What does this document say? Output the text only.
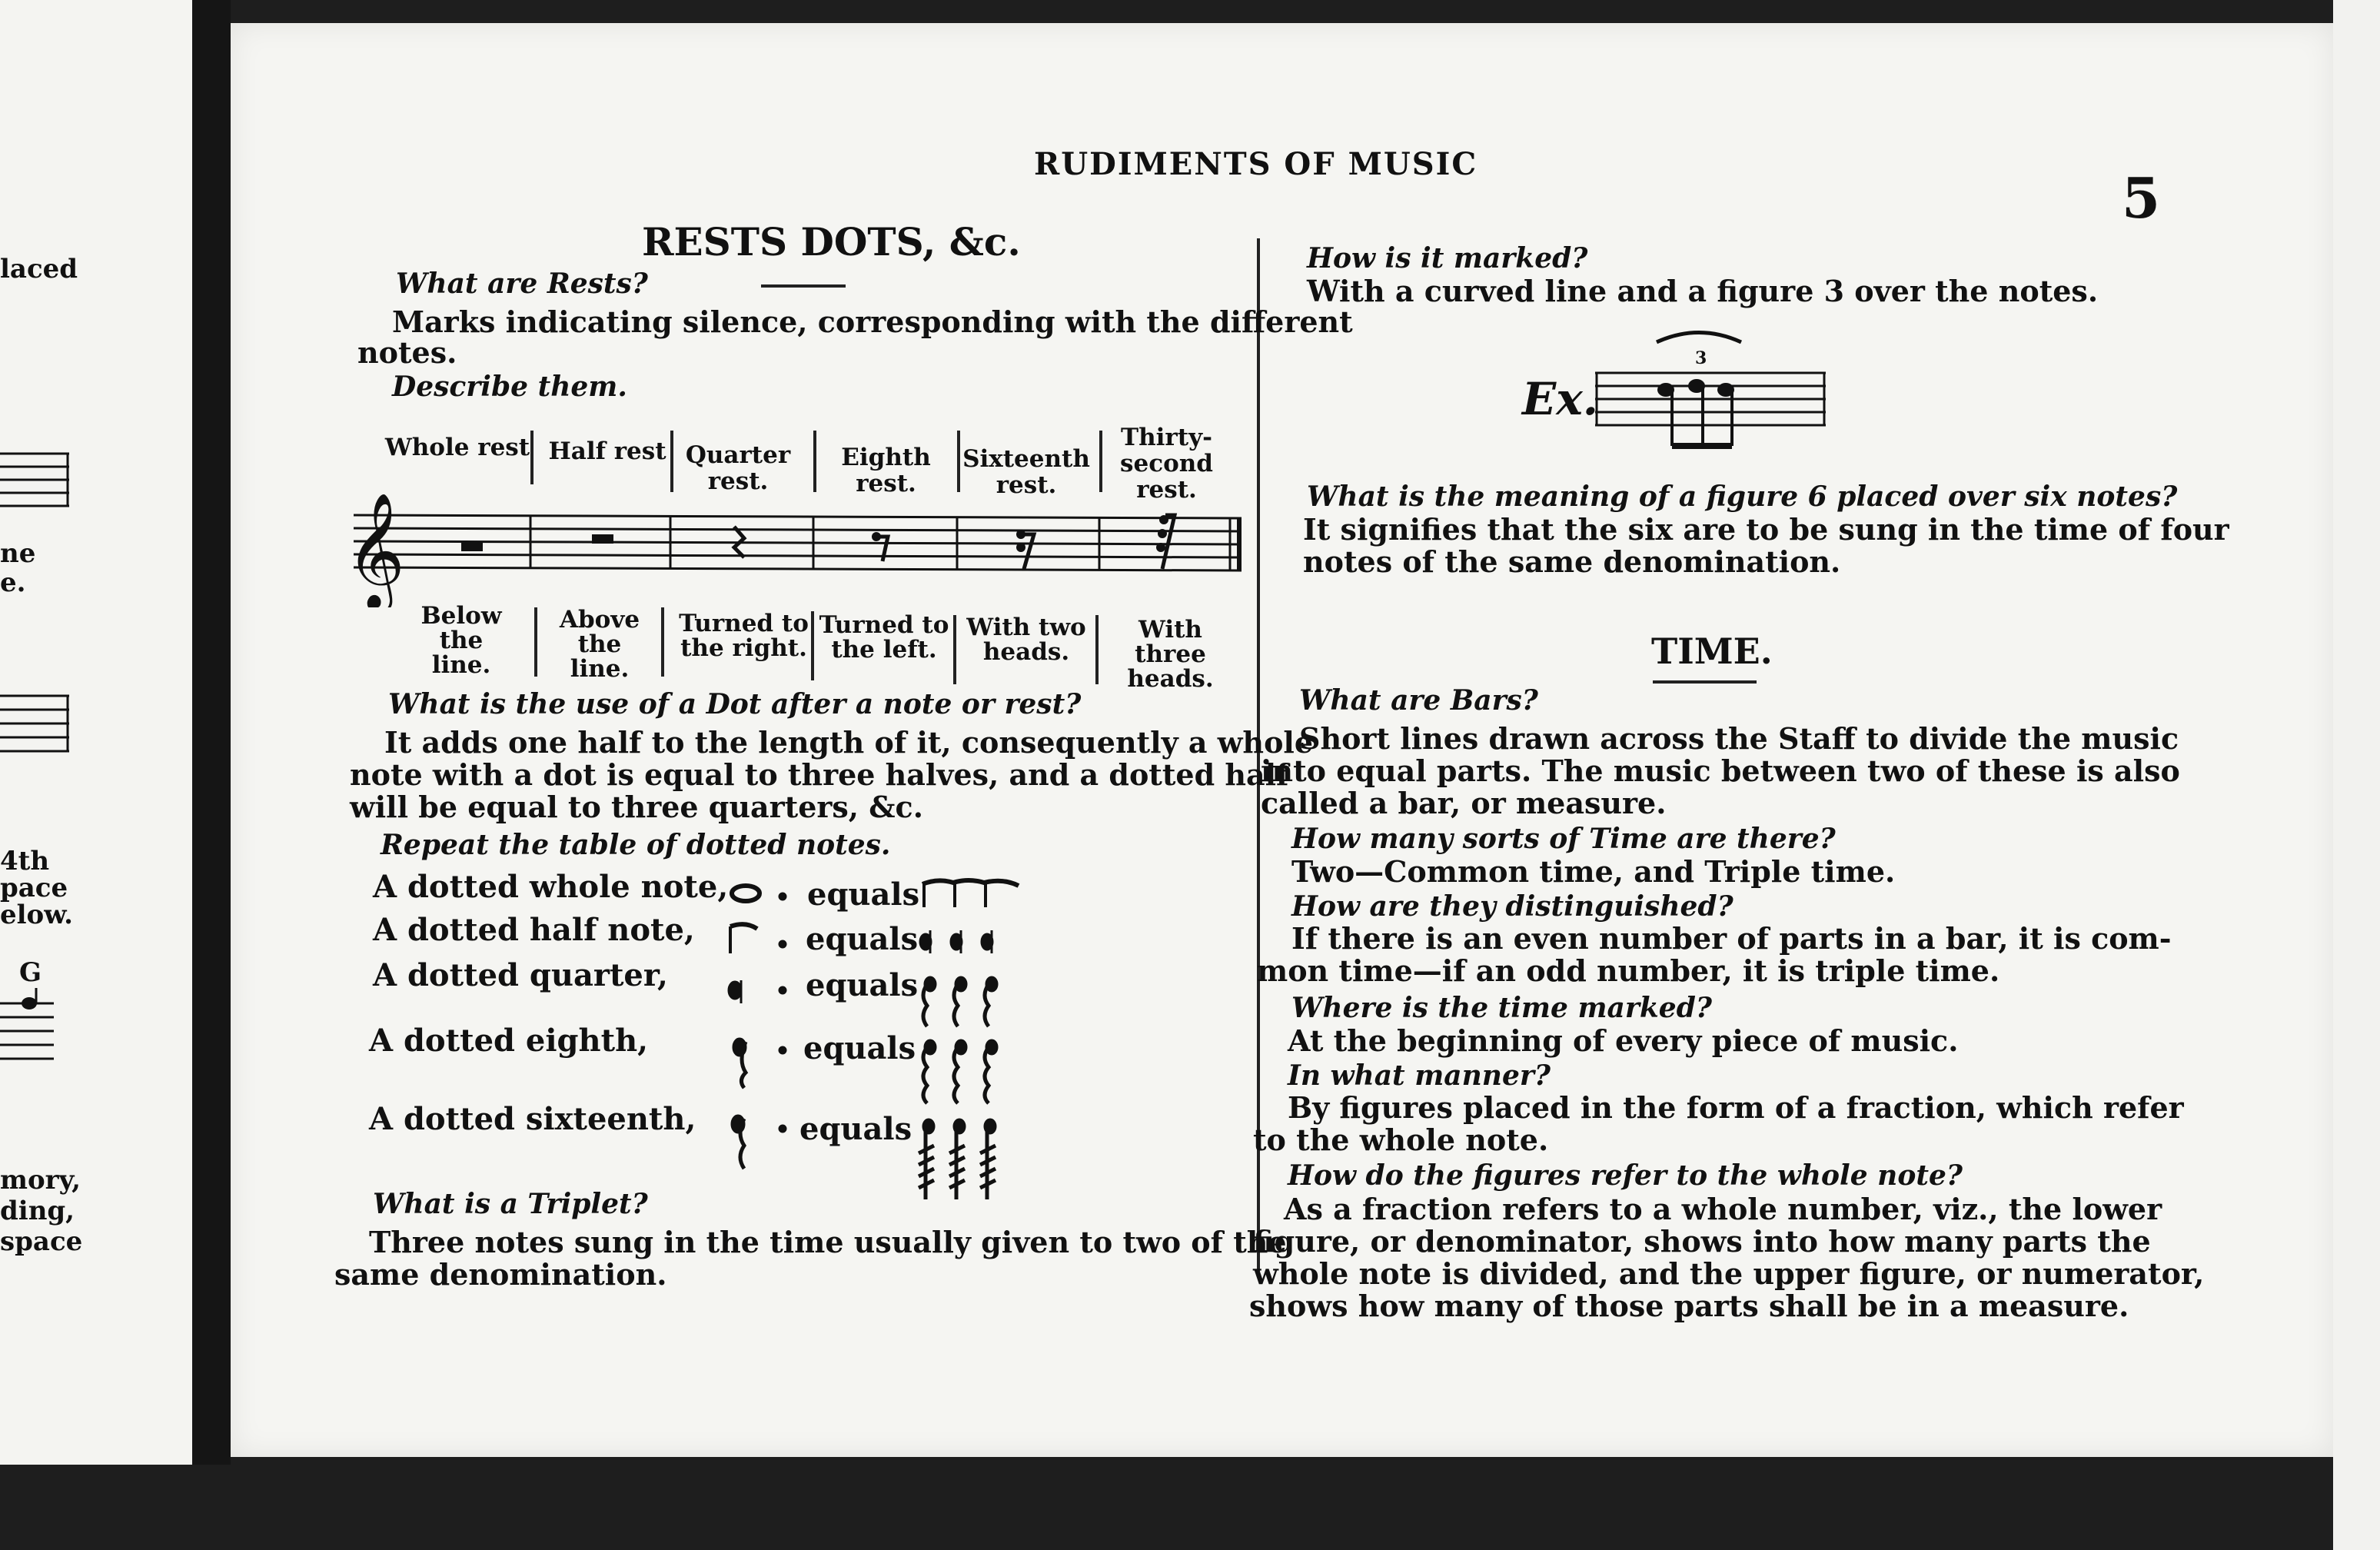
laced
ne
e.
4th
pace
elow.
G
mory,
ding,
space
RUDIMENTS OF MUSIC
5
RESTS DOTS, &c.
What are Rests?
Marks indicating silence, corresponding with the different
notes.
Describe them.
Whole rest Half rest Quarter rest.
Eighth rest.
Sixteenth rest.
Thirty-second rest.
𝄞
Below the line.
Above the line.
Turned to the right.
Turned to the left.
With two heads.
With three heads.
What is the use of a Dot after a note or rest?
It adds one half to the length of it, consequently a whole
note with a dot is equal to three halves, and a dotted half
will be equal to three quarters, &c.
Repeat the table of dotted notes.
A dotted whole note,
A dotted half note,
A dotted quarter,
A dotted eighth,
A dotted sixteenth,
equals
equals
equals
equals
equals
What is a Triplet?
Three notes sung in the time usually given to two of the
same denomination.
How is it marked?
With a curved line and a figure 3 over the notes.
Ex.
3
What is the meaning of a figure 6 placed over six notes?
It signifies that the six are to be sung in the time of four
notes of the same denomination.
TIME.
What are Bars?
Short lines drawn across the Staff to divide the music
into equal parts. The music between two of these is also
called a bar, or measure.
How many sorts of Time are there?
Two—Common time, and Triple time.
How are they distinguished?
If there is an even number of parts in a bar, it is com-
mon time—if an odd number, it is triple time.
Where is the time marked?
At the beginning of every piece of music.
In what manner?
By figures placed in the form of a fraction, which refer
to the whole note.
How do the figures refer to the whole note?
As a fraction refers to a whole number, viz., the lower
figure, or denominator, shows into how many parts the
whole note is divided, and the upper figure, or numerator,
shows how many of those parts shall be in a measure.
